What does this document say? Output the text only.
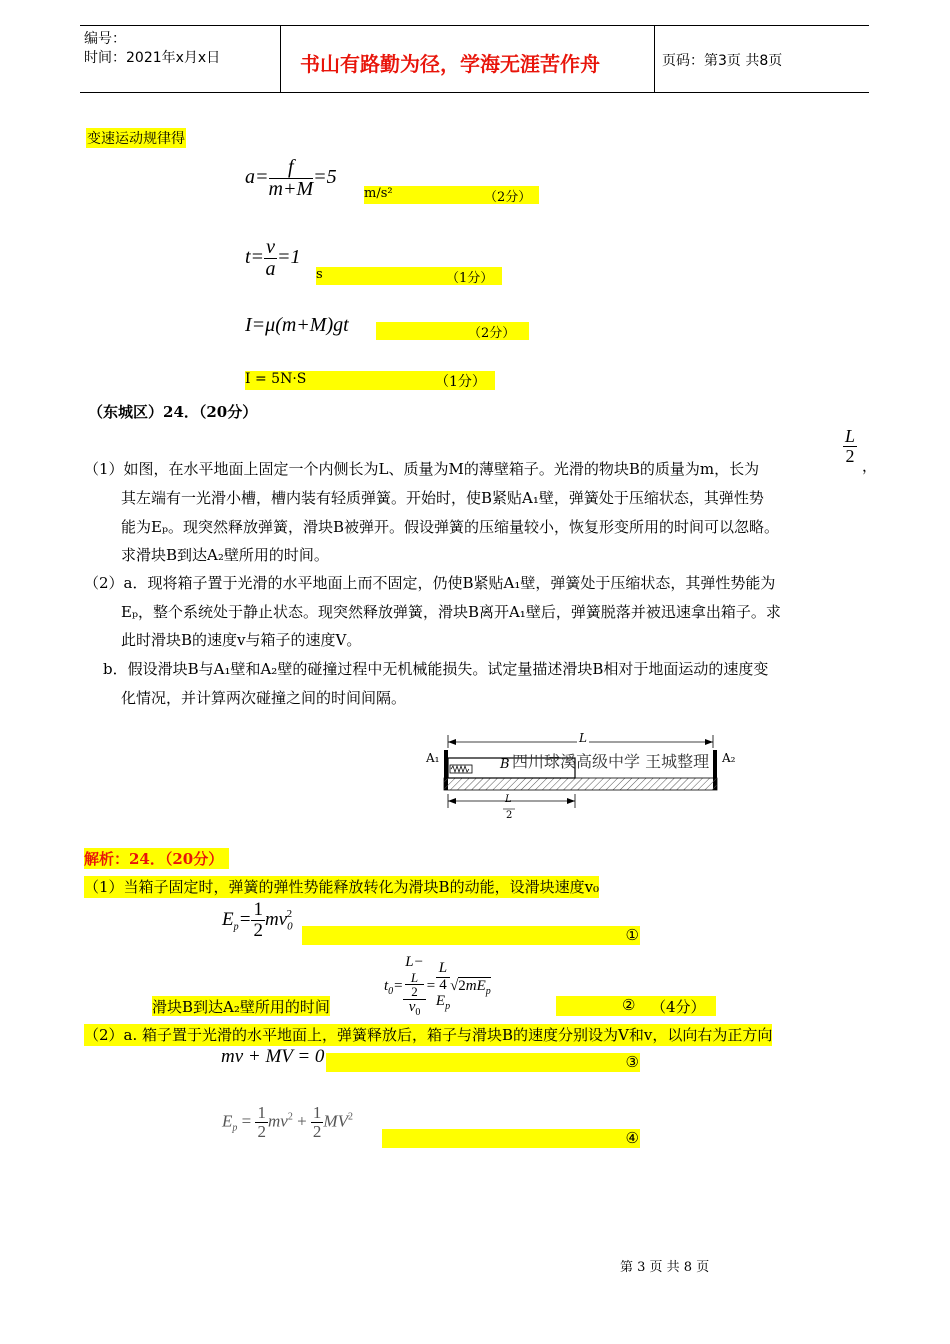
编号：
时间：2021年x月x日	书山有路勤为径，学海无涯苦作舟	页码：第3页 共8页
变速运动规律得
$a= \frac{f}{m+M} =5$
m/s²	（2分）
$t= \frac{v}{a} =1$
s	（1分）
I=μ(m+M)gt	（2分）
I = 5N·S	（1分）
（东城区）24．（20分）
$\frac{L}{2}$
（1）如图，在水平地面上固定一个内侧长为L、质量为M的薄壁箱子。光滑的物块B的质量为m，长为	，
其左端有一光滑小槽，槽内装有轻质弹簧。开始时，使B紧贴A₁壁，弹簧处于压缩状态，其弹性势
能为Eₚ。现突然释放弹簧，滑块B被弹开。假设弹簧的压缩量较小，恢复形变所用的时间可以忽略。
求滑块B到达A₂壁所用的时间。
（2）a．现将箱子置于光滑的水平地面上而不固定，仍使B紧贴A₁壁，弹簧处于压缩状态，其弹性势能为
Eₚ，整个系统处于静止状态。现突然释放弹簧，滑块B离开A₁壁后，弹簧脱落并被迅速拿出箱子。求
此时滑块B的速度v与箱子的速度V。
b．假设滑块B与A₁壁和A₂壁的碰撞过程中无机械能损失。试定量描述滑块B相对于地面运动的速度变
化情况，并计算两次碰撞之间的时间间隔。
L
A₁	A₂
B 四川球溪高级中学 王城整理
L
2
解析：24．（20分）
（1）当箱子固定时，弹簧的弹性势能释放转化为滑块B的动能，设滑块速度v₀
$E_p= \frac{1}{2} mv_0^2$
①
$t_0= L-$
L
2
$v_0 = L$
4
$E_p$ $√2mE_p$
滑块B到达A₂壁所用的时间	② （4分）
（2）a. 箱子置于光滑的水平地面上，弹簧释放后，箱子与滑块B的速度分别设为V和v，以向右为正方向
mv + MV = 0	③
$E_p = \frac{1}{2} mv^2 + \frac{1}{2} MV^2$
④
第 3 页 共 8 页
